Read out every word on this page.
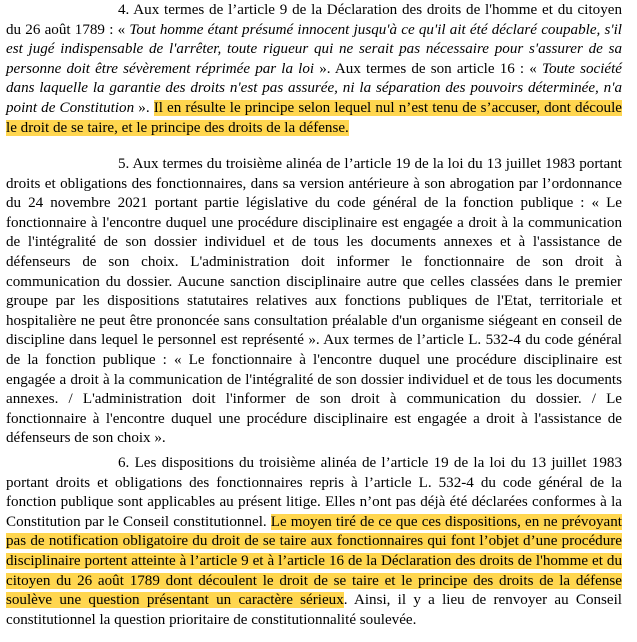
4. Aux termes de l’article 9 de la Déclaration des droits de l'homme et du citoyen du 26 août 1789 : « Tout homme étant présumé innocent jusqu'à ce qu'il ait été déclaré coupable, s'il est jugé indispensable de l'arrêter, toute rigueur qui ne serait pas nécessaire pour s'assurer de sa personne doit être sévèrement réprimée par la loi ». Aux termes de son article 16 : « Toute société dans laquelle la garantie des droits n'est pas assurée, ni la séparation des pouvoirs déterminée, n'a point de Constitution ». Il en résulte le principe selon lequel nul n’est tenu de s’accuser, dont découle le droit de se taire, et le principe des droits de la défense.
5. Aux termes du troisième alinéa de l’article 19 de la loi du 13 juillet 1983 portant droits et obligations des fonctionnaires, dans sa version antérieure à son abrogation par l’ordonnance du 24 novembre 2021 portant partie législative du code général de la fonction publique : « Le fonctionnaire à l'encontre duquel une procédure disciplinaire est engagée a droit à la communication de l'intégralité de son dossier individuel et de tous les documents annexes et à l'assistance de défenseurs de son choix. L'administration doit informer le fonctionnaire de son droit à communication du dossier. Aucune sanction disciplinaire autre que celles classées dans le premier groupe par les dispositions statutaires relatives aux fonctions publiques de l'Etat, territoriale et hospitalière ne peut être prononcée sans consultation préalable d'un organisme siégeant en conseil de discipline dans lequel le personnel est représenté ». Aux termes de l’article L. 532-4 du code général de la fonction publique : « Le fonctionnaire à l'encontre duquel une procédure disciplinaire est engagée a droit à la communication de l'intégralité de son dossier individuel et de tous les documents annexes. / L'administration doit l'informer de son droit à communication du dossier. / Le fonctionnaire à l'encontre duquel une procédure disciplinaire est engagée a droit à l'assistance de défenseurs de son choix ».
6. Les dispositions du troisième alinéa de l’article 19 de la loi du 13 juillet 1983 portant droits et obligations des fonctionnaires repris à l’article L. 532-4 du code général de la fonction publique sont applicables au présent litige. Elles n’ont pas déjà été déclarées conformes à la Constitution par le Conseil constitutionnel. Le moyen tiré de ce que ces dispositions, en ne prévoyant pas de notification obligatoire du droit de se taire aux fonctionnaires qui font l’objet d’une procédure disciplinaire portent atteinte à l’article 9 et à l’article 16 de la Déclaration des droits de l'homme et du citoyen du 26 août 1789 dont découlent le droit de se taire et le principe des droits de la défense soulève une question présentant un caractère sérieux. Ainsi, il y a lieu de renvoyer au Conseil constitutionnel la question prioritaire de constitutionnalité soulevée.
